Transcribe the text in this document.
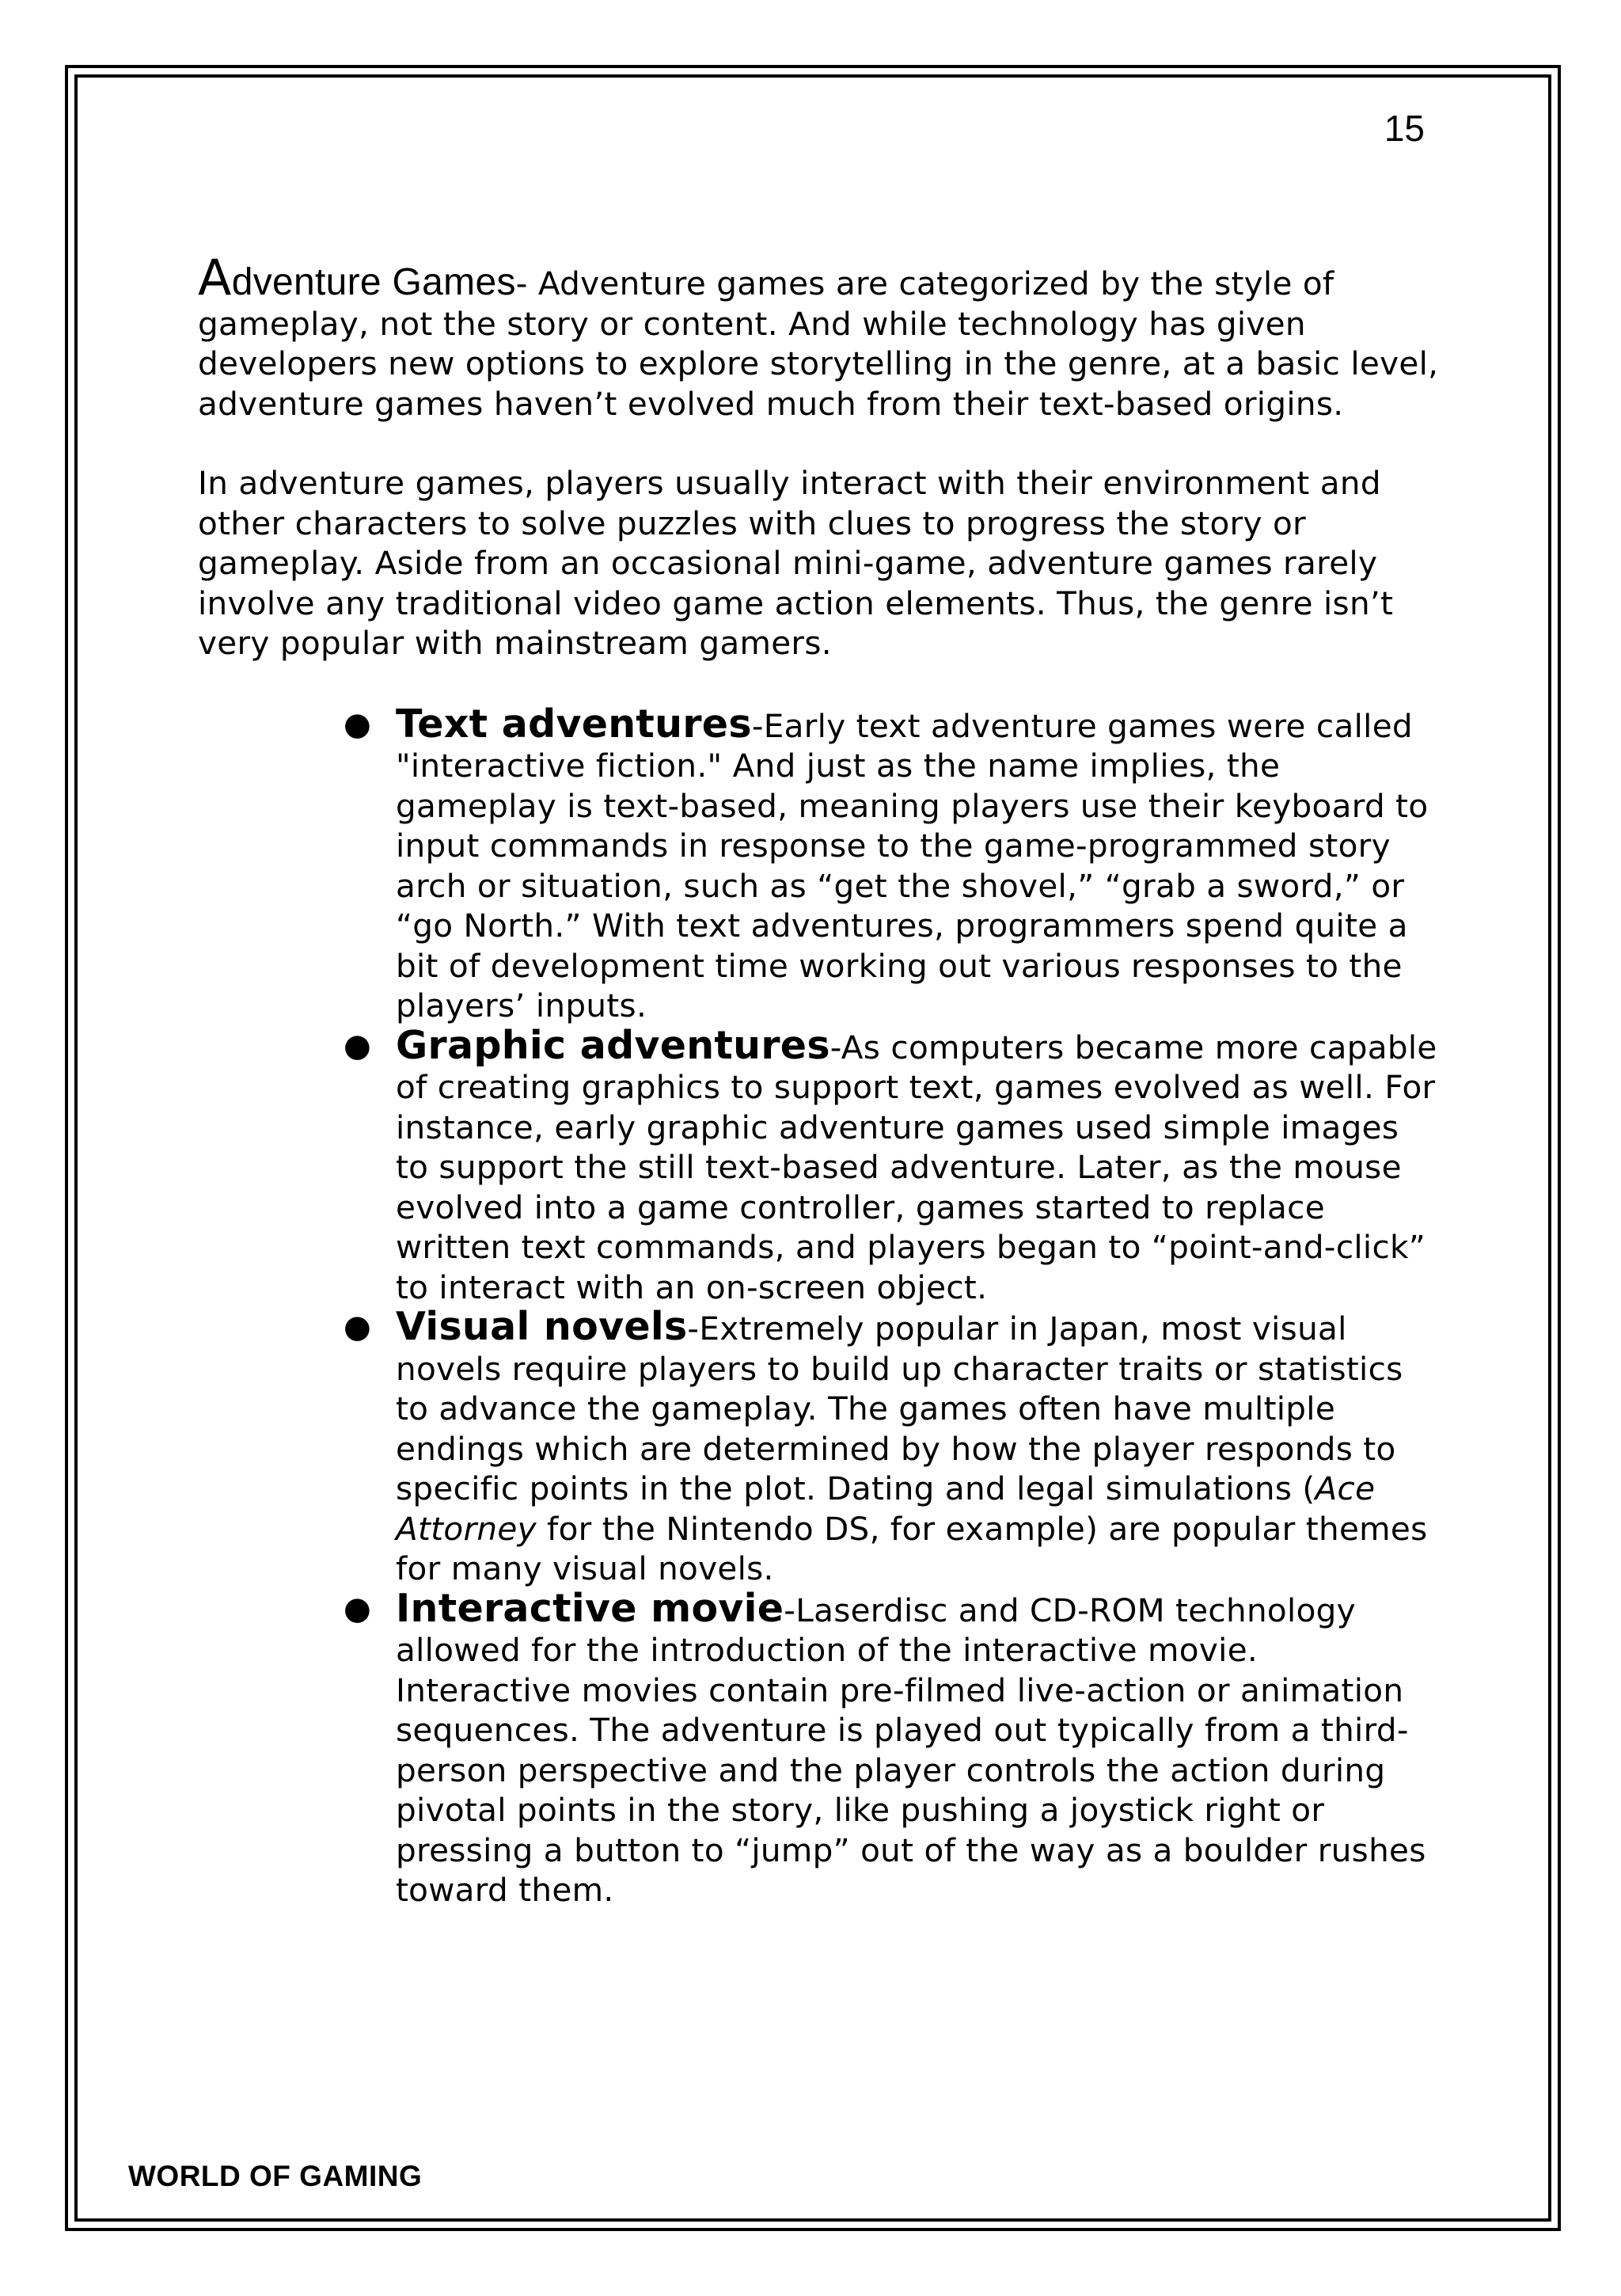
15

Adventure Games- Adventure games are categorized by the style of gameplay, not the story or content. And while technology has given developers new options to explore storytelling in the genre, at a basic level, adventure games haven’t evolved much from their text-based origins.

In adventure games, players usually interact with their environment and other characters to solve puzzles with clues to progress the story or gameplay. Aside from an occasional mini-game, adventure games rarely involve any traditional video game action elements. Thus, the genre isn’t very popular with mainstream gamers.

● Text adventures-Early text adventure games were called "interactive fiction." And just as the name implies, the gameplay is text-based, meaning players use their keyboard to input commands in response to the game-programmed story arch or situation, such as “get the shovel,” “grab a sword,” or “go North.” With text adventures, programmers spend quite a bit of development time working out various responses to the players’ inputs.
● Graphic adventures-As computers became more capable of creating graphics to support text, games evolved as well. For instance, early graphic adventure games used simple images to support the still text-based adventure. Later, as the mouse evolved into a game controller, games started to replace written text commands, and players began to “point-and-click” to interact with an on-screen object.
● Visual novels-Extremely popular in Japan, most visual novels require players to build up character traits or statistics to advance the gameplay. The games often have multiple endings which are determined by how the player responds to specific points in the plot. Dating and legal simulations (Ace Attorney for the Nintendo DS, for example) are popular themes for many visual novels.
● Interactive movie-Laserdisc and CD-ROM technology allowed for the introduction of the interactive movie. Interactive movies contain pre-filmed live-action or animation sequences. The adventure is played out typically from a third-person perspective and the player controls the action during pivotal points in the story, like pushing a joystick right or pressing a button to “jump” out of the way as a boulder rushes toward them.
WORLD OF GAMING
